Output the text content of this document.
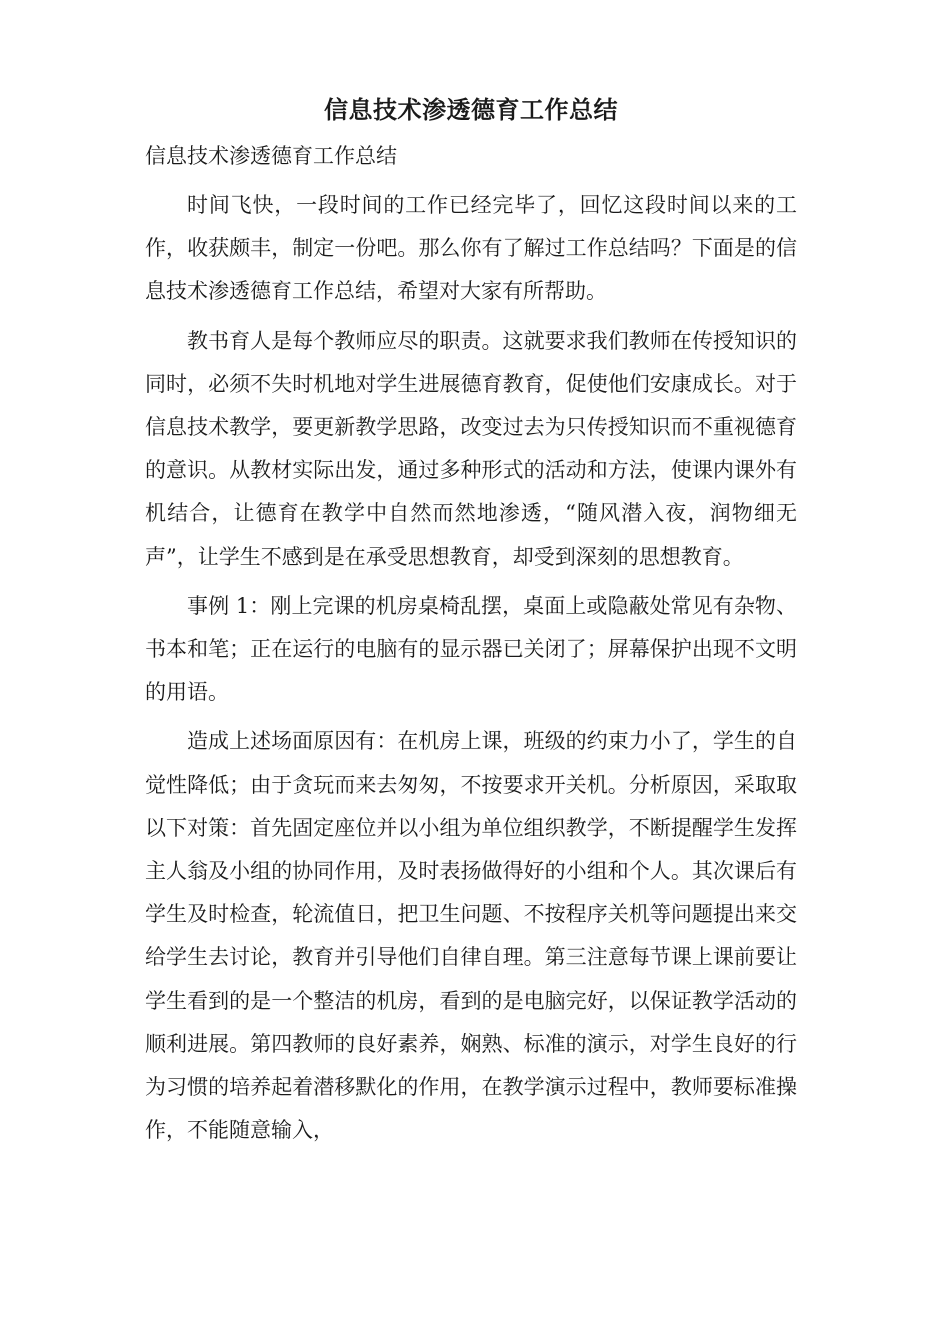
信息技术渗透德育工作总结
信息技术渗透德育工作总结

时间飞快，一段时间的工作已经完毕了，回忆这段时间以来的工作，收获颇丰，制定一份吧。那么你有了解过工作总结吗？下面是的信息技术渗透德育工作总结，希望对大家有所帮助。

教书育人是每个教师应尽的职责。这就要求我们教师在传授知识的同时，必须不失时机地对学生进展德育教育，促使他们安康成长。对于信息技术教学，要更新教学思路，改变过去为只传授知识而不重视德育的意识。从教材实际出发，通过多种形式的活动和方法，使课内课外有机结合，让德育在教学中自然而然地渗透，“随风潜入夜，润物细无声”，让学生不感到是在承受思想教育，却受到深刻的思想教育。

事例 1：刚上完课的机房桌椅乱摆，桌面上或隐蔽处常见有杂物、书本和笔；正在运行的电脑有的显示器已关闭了；屏幕保护出现不文明的用语。

造成上述场面原因有：在机房上课，班级的约束力小了，学生的自觉性降低；由于贪玩而来去匆匆，不按要求开关机。分析原因，采取取以下对策：首先固定座位并以小组为单位组织教学，不断提醒学生发挥主人翁及小组的协同作用，及时表扬做得好的小组和个人。其次课后有学生及时检查，轮流值日，把卫生问题、不按程序关机等问题提出来交给学生去讨论，教育并引导他们自律自理。第三注意每节课上课前要让学生看到的是一个整洁的机房，看到的是电脑完好，以保证教学活动的顺利进展。第四教师的良好素养，娴熟、标准的演示，对学生良好的行为习惯的培养起着潜移默化的作用，在教学演示过程中，教师要标准操作，不能随意输入，
